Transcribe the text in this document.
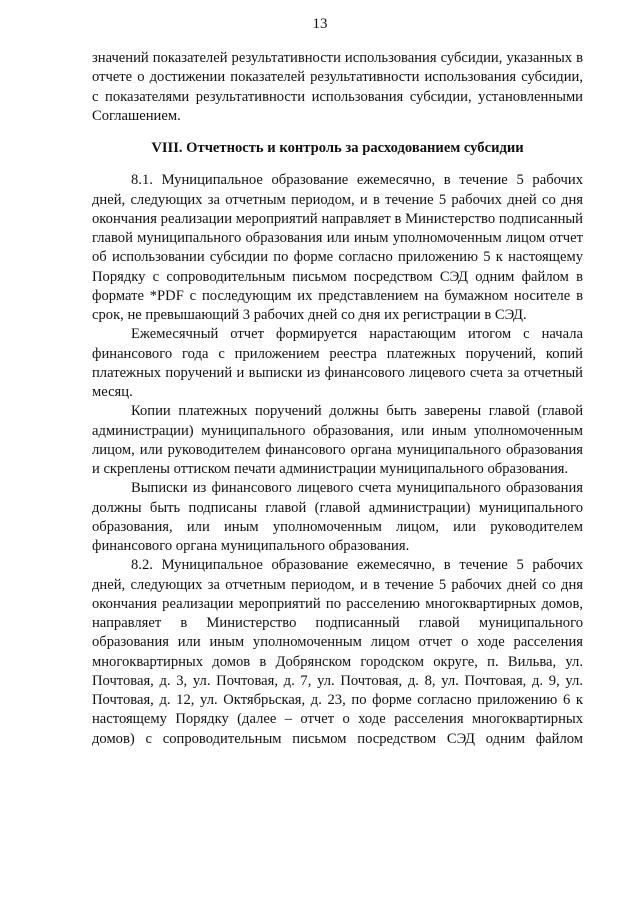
13

значений показателей результативности использования субсидии, указанных в отчете о достижении показателей результативности использования субсидии, с показателями результативности использования субсидии, установленными Соглашением.

VIII. Отчетность и контроль за расходованием субсидии

8.1. Муниципальное образование ежемесячно, в течение 5 рабочих дней, следующих за отчетным периодом, и в течение 5 рабочих дней со дня окончания реализации мероприятий направляет в Министерство подписанный главой муниципального образования или иным уполномоченным лицом отчет об использовании субсидии по форме согласно приложению 5 к настоящему Порядку с сопроводительным письмом посредством СЭД одним файлом в формате *PDF с последующим их представлением на бумажном носителе в срок, не превышающий 3 рабочих дней со дня их регистрации в СЭД.

Ежемесячный отчет формируется нарастающим итогом с начала финансового года с приложением реестра платежных поручений, копий платежных поручений и выписки из финансового лицевого счета за отчетный месяц.

Копии платежных поручений должны быть заверены главой (главой администрации) муниципального образования, или иным уполномоченным лицом, или руководителем финансового органа муниципального образования и скреплены оттиском печати администрации муниципального образования.

Выписки из финансового лицевого счета муниципального образования должны быть подписаны главой (главой администрации) муниципального образования, или иным уполномоченным лицом, или руководителем финансового органа муниципального образования.

8.2. Муниципальное образование ежемесячно, в течение 5 рабочих дней, следующих за отчетным периодом, и в течение 5 рабочих дней со дня окончания реализации мероприятий по расселению многоквартирных домов, направляет в Министерство подписанный главой муниципального образования или иным уполномоченным лицом отчет о ходе расселения многоквартирных домов в Добрянском городском округе, п. Вильва, ул. Почтовая, д. 3, ул. Почтовая, д. 7, ул. Почтовая, д. 8, ул. Почтовая, д. 9, ул. Почтовая, д. 12, ул. Октябрьская, д. 23, по форме согласно приложению 6 к настоящему Порядку (далее – отчет о ходе расселения многоквартирных домов) с сопроводительным письмом посредством СЭД одним файлом
